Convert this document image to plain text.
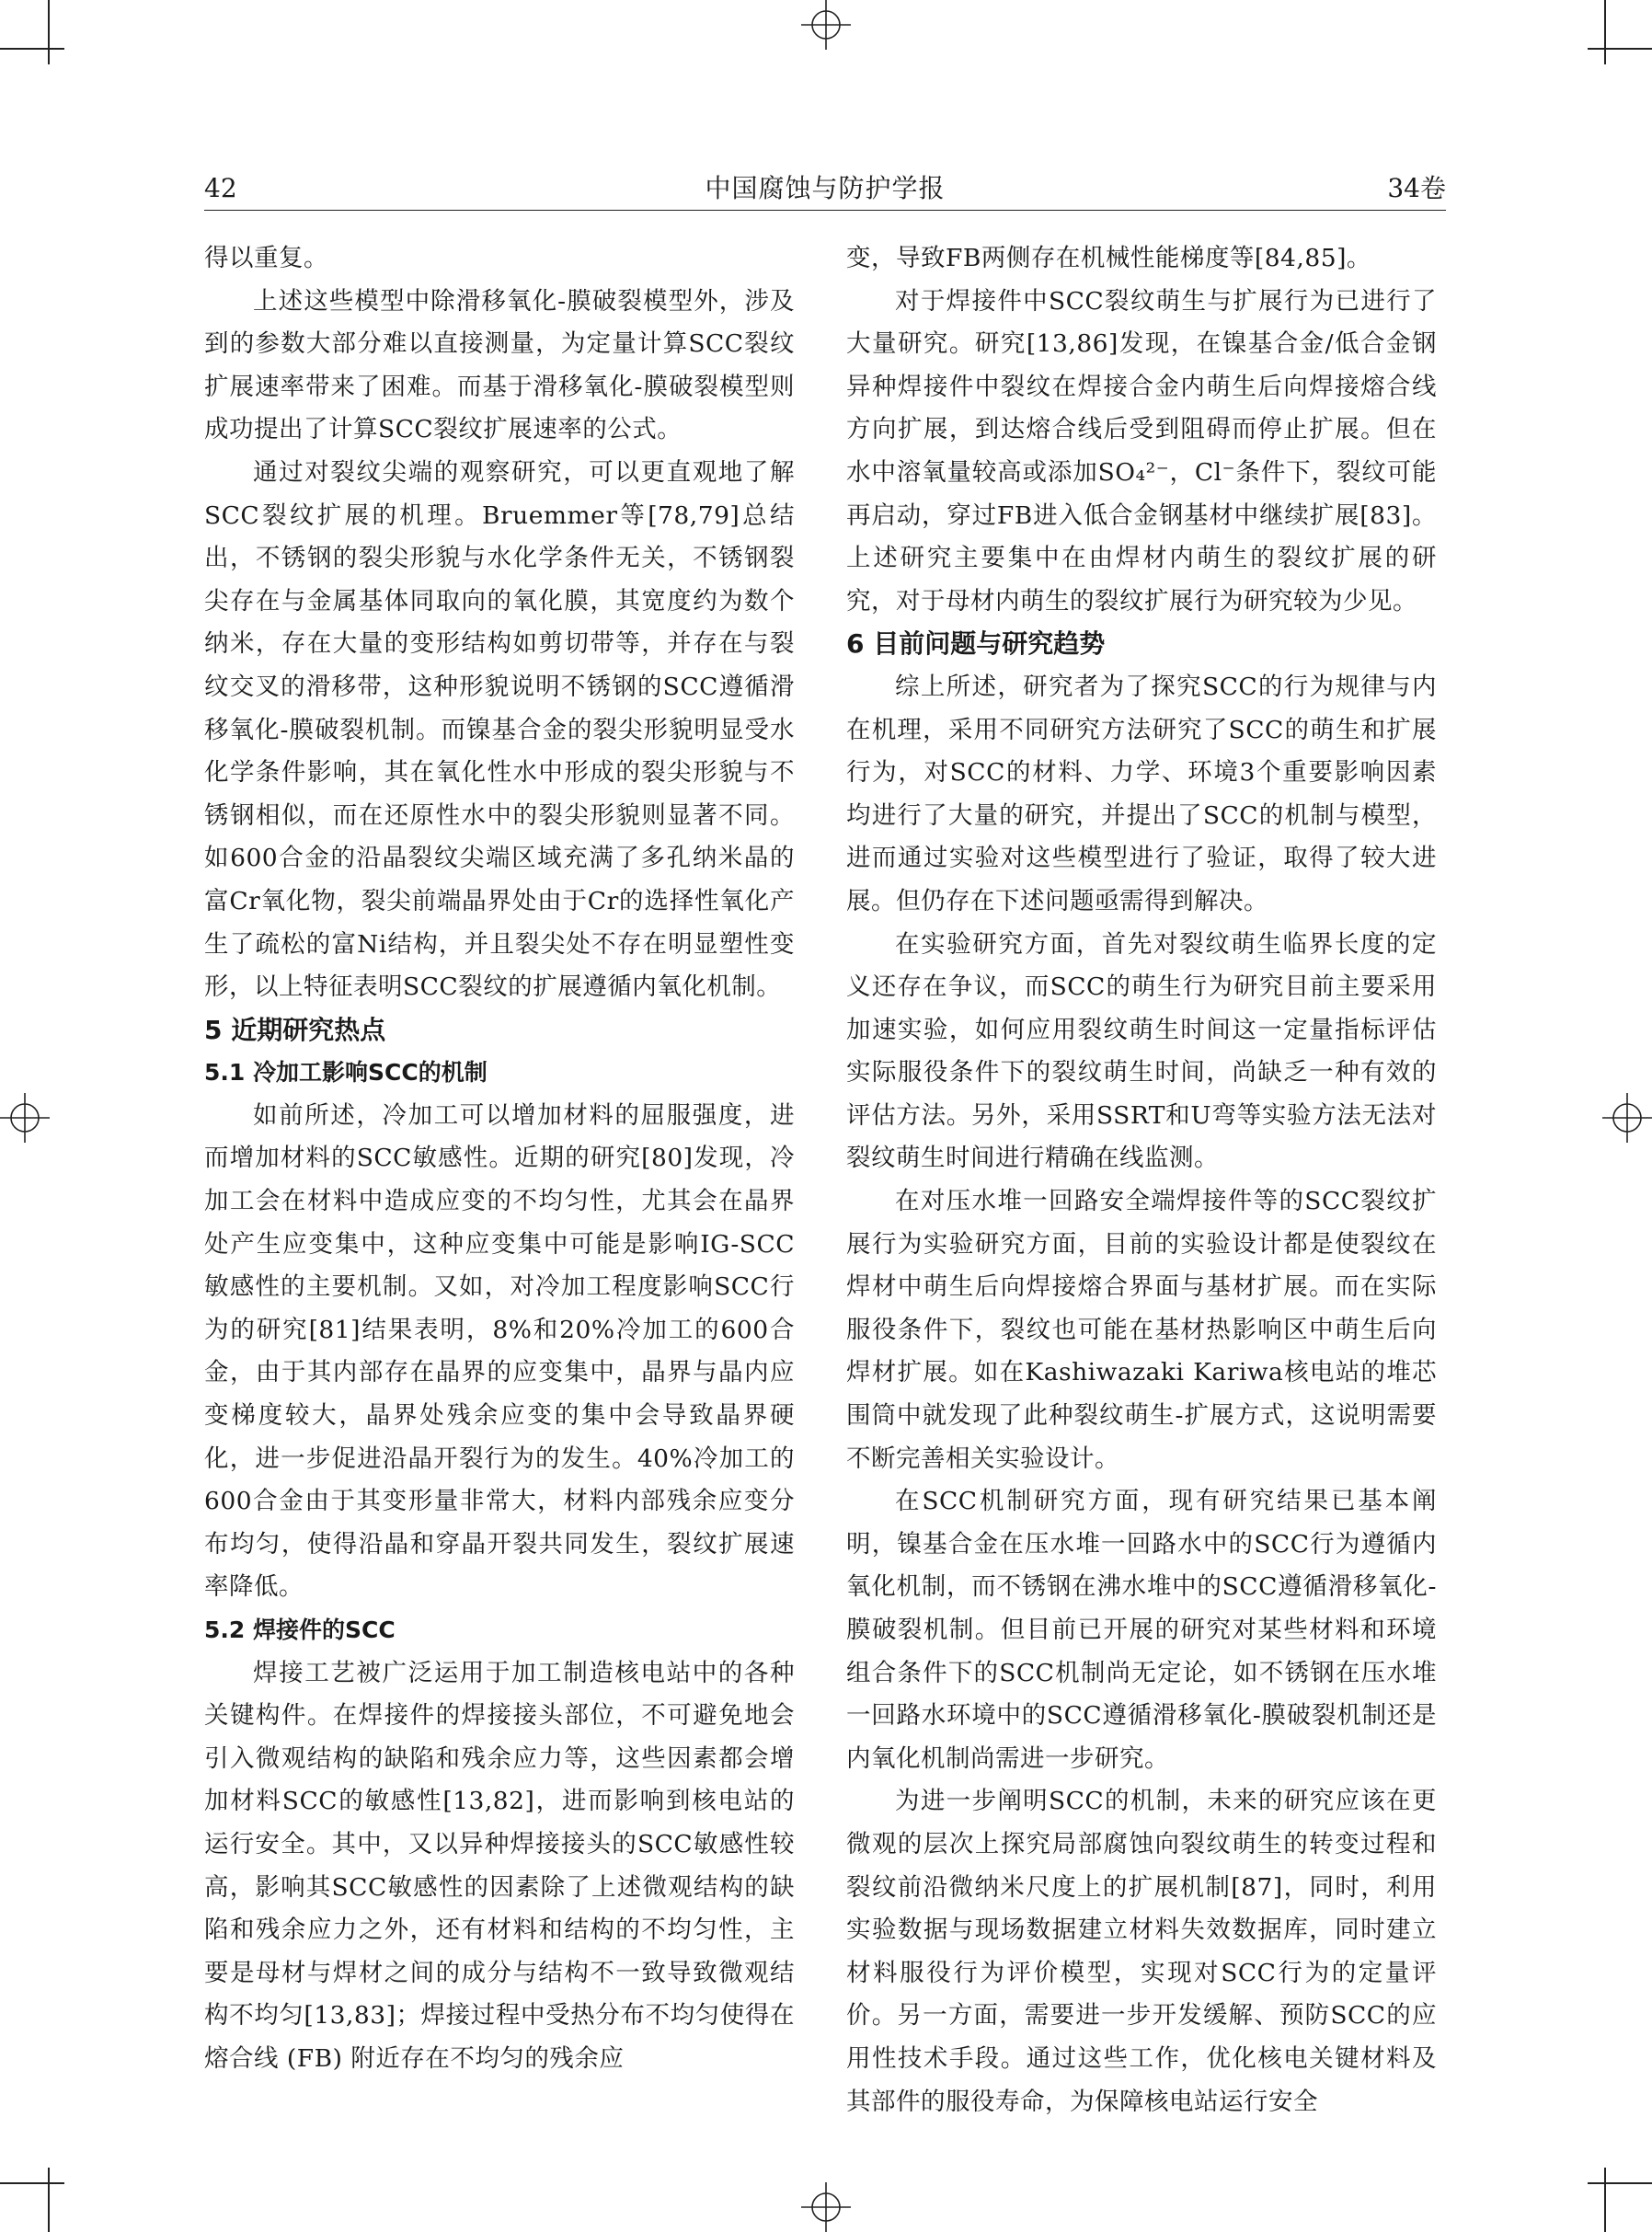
42	中国腐蚀与防护学报	34卷

得以重复。

上述这些模型中除滑移氧化-膜破裂模型外，涉及到的参数大部分难以直接测量，为定量计算SCC裂纹扩展速率带来了困难。而基于滑移氧化-膜破裂模型则成功提出了计算SCC裂纹扩展速率的公式。

通过对裂纹尖端的观察研究，可以更直观地了解SCC裂纹扩展的机理。Bruemmer等[78,79]总结出，不锈钢的裂尖形貌与水化学条件无关，不锈钢裂尖存在与金属基体同取向的氧化膜，其宽度约为数个纳米，存在大量的变形结构如剪切带等，并存在与裂纹交叉的滑移带，这种形貌说明不锈钢的SCC遵循滑移氧化-膜破裂机制。而镍基合金的裂尖形貌明显受水化学条件影响，其在氧化性水中形成的裂尖形貌与不锈钢相似，而在还原性水中的裂尖形貌则显著不同。如600合金的沿晶裂纹尖端区域充满了多孔纳米晶的富Cr氧化物，裂尖前端晶界处由于Cr的选择性氧化产生了疏松的富Ni结构，并且裂尖处不存在明显塑性变形，以上特征表明SCC裂纹的扩展遵循内氧化机制。

5 近期研究热点
5.1 冷加工影响SCC的机制

如前所述，冷加工可以增加材料的屈服强度，进而增加材料的SCC敏感性。近期的研究[80]发现，冷加工会在材料中造成应变的不均匀性，尤其会在晶界处产生应变集中，这种应变集中可能是影响IG-SCC敏感性的主要机制。又如，对冷加工程度影响SCC行为的研究[81]结果表明，8%和20%冷加工的600合金，由于其内部存在晶界的应变集中，晶界与晶内应变梯度较大，晶界处残余应变的集中会导致晶界硬化，进一步促进沿晶开裂行为的发生。40%冷加工的600合金由于其变形量非常大，材料内部残余应变分布均匀，使得沿晶和穿晶开裂共同发生，裂纹扩展速率降低。

5.2 焊接件的SCC

焊接工艺被广泛运用于加工制造核电站中的各种关键构件。在焊接件的焊接接头部位，不可避免地会引入微观结构的缺陷和残余应力等，这些因素都会增加材料SCC的敏感性[13,82]，进而影响到核电站的运行安全。其中，又以异种焊接接头的SCC敏感性较高，影响其SCC敏感性的因素除了上述微观结构的缺陷和残余应力之外，还有材料和结构的不均匀性，主要是母材与焊材之间的成分与结构不一致导致微观结构不均匀[13,83]；焊接过程中受热分布不均匀使得在熔合线 (FB) 附近存在不均匀的残余应

变，导致FB两侧存在机械性能梯度等[84,85]。

对于焊接件中SCC裂纹萌生与扩展行为已进行了大量研究。研究[13,86]发现，在镍基合金/低合金钢异种焊接件中裂纹在焊接合金内萌生后向焊接熔合线方向扩展，到达熔合线后受到阻碍而停止扩展。但在水中溶氧量较高或添加SO₄²⁻，Cl⁻条件下，裂纹可能再启动，穿过FB进入低合金钢基材中继续扩展[83]。上述研究主要集中在由焊材内萌生的裂纹扩展的研究，对于母材内萌生的裂纹扩展行为研究较为少见。

6 目前问题与研究趋势

综上所述，研究者为了探究SCC的行为规律与内在机理，采用不同研究方法研究了SCC的萌生和扩展行为，对SCC的材料、力学、环境3个重要影响因素均进行了大量的研究，并提出了SCC的机制与模型，进而通过实验对这些模型进行了验证，取得了较大进展。但仍存在下述问题亟需得到解决。

在实验研究方面，首先对裂纹萌生临界长度的定义还存在争议，而SCC的萌生行为研究目前主要采用加速实验，如何应用裂纹萌生时间这一定量指标评估实际服役条件下的裂纹萌生时间，尚缺乏一种有效的评估方法。另外，采用SSRT和U弯等实验方法无法对裂纹萌生时间进行精确在线监测。

在对压水堆一回路安全端焊接件等的SCC裂纹扩展行为实验研究方面，目前的实验设计都是使裂纹在焊材中萌生后向焊接熔合界面与基材扩展。而在实际服役条件下，裂纹也可能在基材热影响区中萌生后向焊材扩展。如在Kashiwazaki Kariwa核电站的堆芯围筒中就发现了此种裂纹萌生-扩展方式，这说明需要不断完善相关实验设计。

在SCC机制研究方面，现有研究结果已基本阐明，镍基合金在压水堆一回路水中的SCC行为遵循内氧化机制，而不锈钢在沸水堆中的SCC遵循滑移氧化-膜破裂机制。但目前已开展的研究对某些材料和环境组合条件下的SCC机制尚无定论，如不锈钢在压水堆一回路水环境中的SCC遵循滑移氧化-膜破裂机制还是内氧化机制尚需进一步研究。

为进一步阐明SCC的机制，未来的研究应该在更微观的层次上探究局部腐蚀向裂纹萌生的转变过程和裂纹前沿微纳米尺度上的扩展机制[87]，同时，利用实验数据与现场数据建立材料失效数据库，同时建立材料服役行为评价模型，实现对SCC行为的定量评价。另一方面，需要进一步开发缓解、预防SCC的应用性技术手段。通过这些工作，优化核电关键材料及其部件的服役寿命，为保障核电站运行安全
